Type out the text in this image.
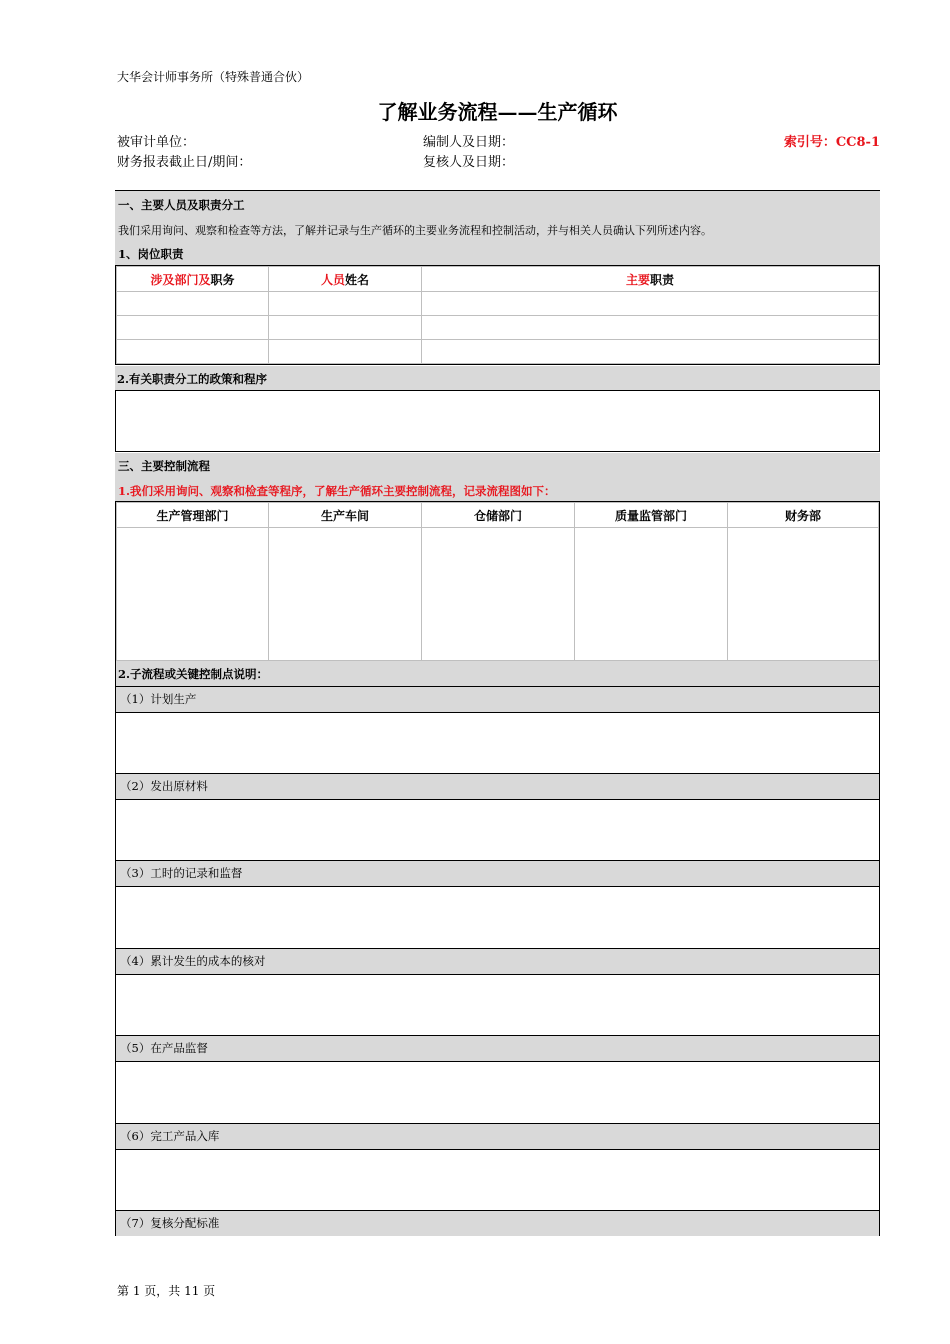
大华会计师事务所（特殊普通合伙）
了解业务流程——生产循环
被审计单位：	编制人及日期：	索引号：CC8-1
财务报表截止日/期间：	复核人及日期：
一、主要人员及职责分工
我们采用询问、观察和检查等方法，了解并记录与生产循环的主要业务流程和控制活动，并与相关人员确认下列所述内容。
1、岗位职责
涉及部门及职务	人员姓名	主要职责

2.有关职责分工的政策和程序
三、主要控制流程
1.我们采用询问、观察和检查等程序，了解生产循环主要控制流程，记录流程图如下：
生产管理部门	生产车间	仓储部门	质量监管部门	财务部

2.子流程或关键控制点说明：
（1）计划生产
（2）发出原材料
（3）工时的记录和监督
（4）累计发生的成本的核对
（5）在产品监督
（6）完工产品入库
（7）复核分配标准
第 1 页，共 11 页
